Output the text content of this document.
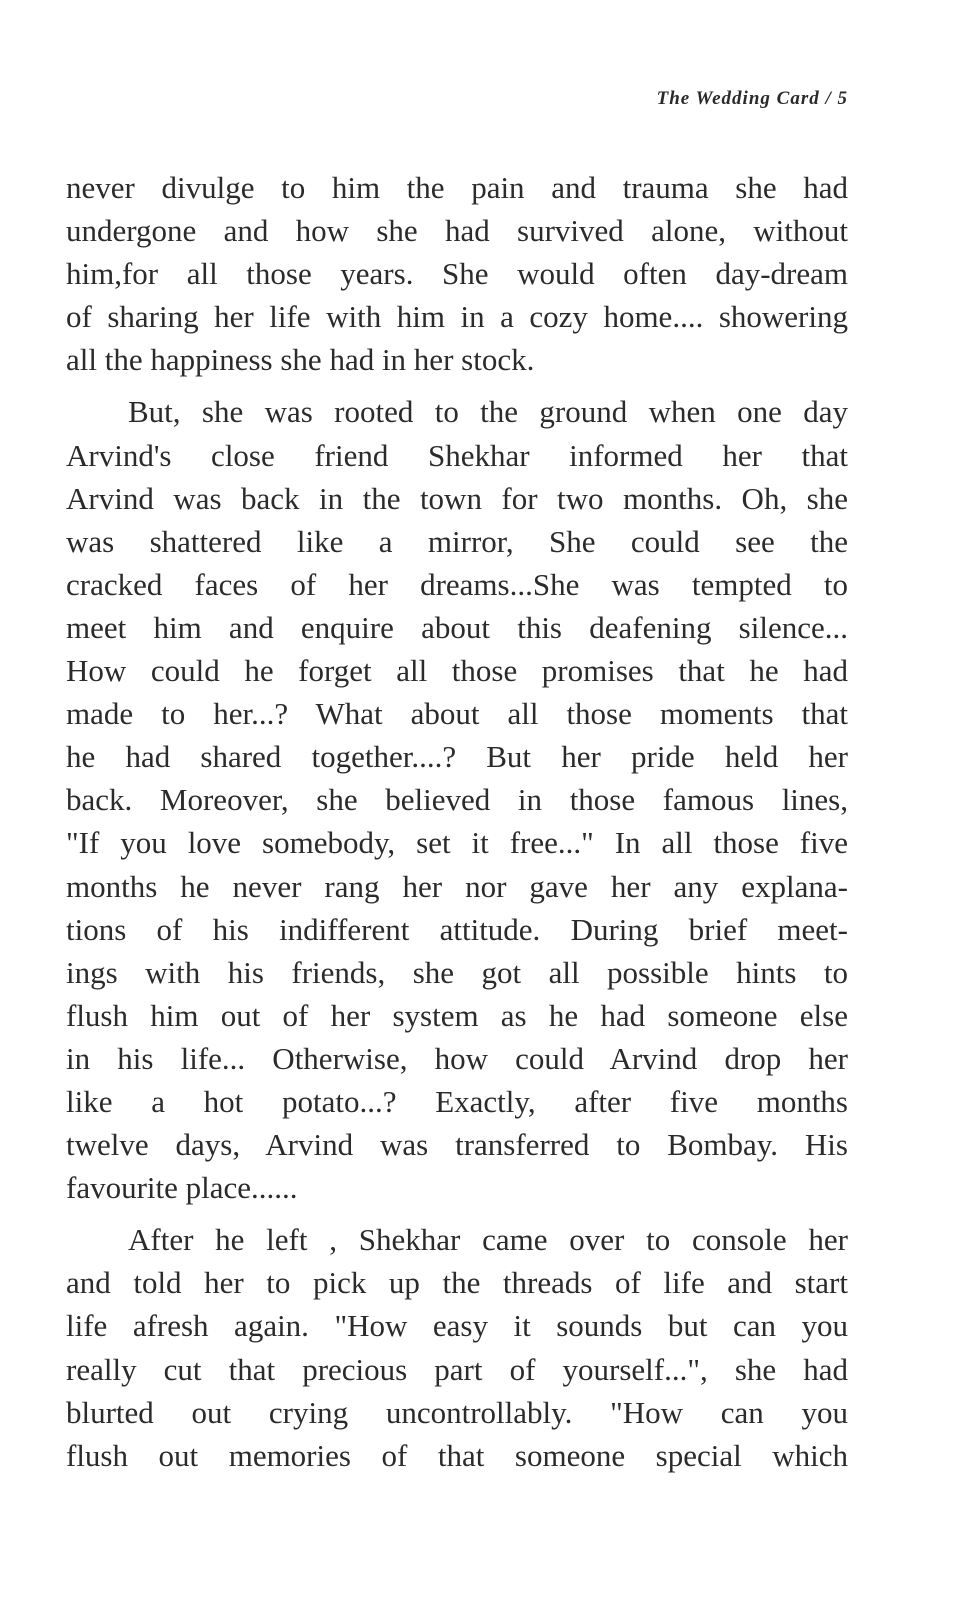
The Wedding Card / 5
never divulge to him the pain and trauma she had
undergone and how she had survived alone, without
him,for all those years. She would often day-dream
of sharing her life with him in a cozy home.... showering
all the happiness she had in her stock.
But, she was rooted to the ground when one day
Arvind's close friend Shekhar informed her that
Arvind was back in the town for two months. Oh, she
was shattered like a mirror, She could see the
cracked faces of her dreams...She was tempted to
meet him and enquire about this deafening silence...
How could he forget all those promises that he had
made to her...? What about all those moments that
he had shared together....? But her pride held her
back. Moreover, she believed in those famous lines,
"If you love somebody, set it free..." In all those five
months he never rang her nor gave her any explana-
tions of his indifferent attitude. During brief meet-
ings with his friends, she got all possible hints to
flush him out of her system as he had someone else
in his life... Otherwise, how could Arvind drop her
like a hot potato...? Exactly, after five months
twelve days, Arvind was transferred to Bombay. His
favourite place......
After he left , Shekhar came over to console her
and told her to pick up the threads of life and start
life afresh again. "How easy it sounds but can you
really cut that precious part of yourself...", she had
blurted out crying uncontrollably. "How can you
flush out memories of that someone special which
